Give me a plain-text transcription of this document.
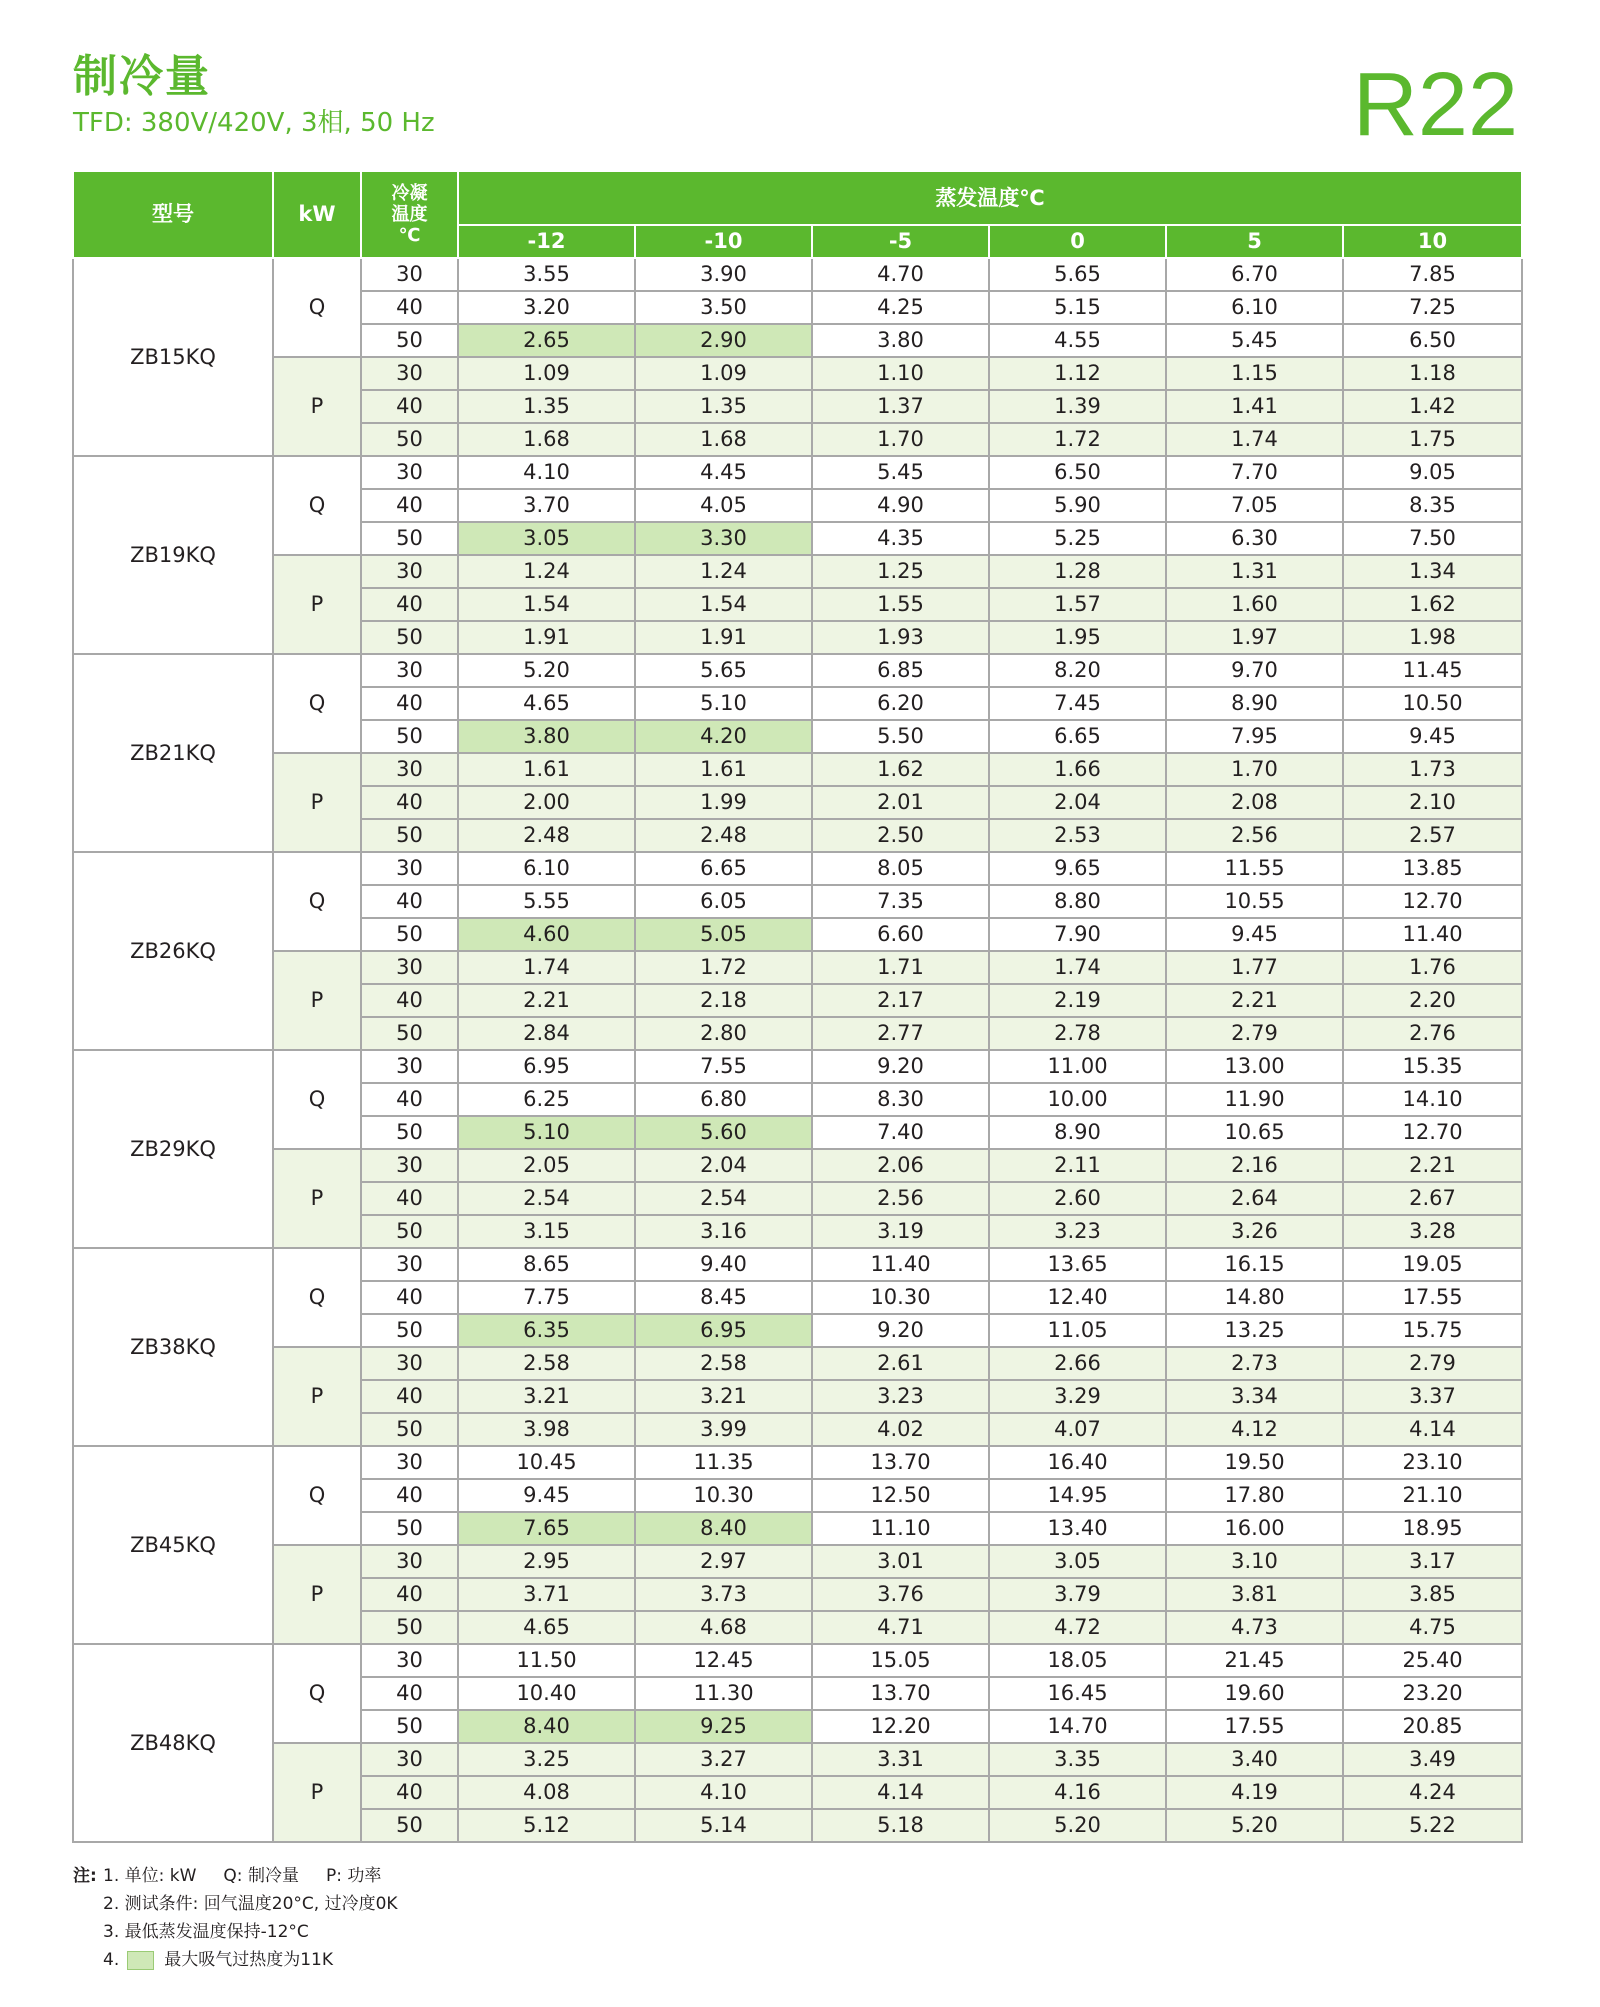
制冷量
TFD: 380V/420V, 3相, 50 Hz	R22
型号	kW	冷凝
温度
℃	蒸发温度℃					
			-12	-10	-5	0	5	10
ZB15KQ	Q	30	3.55	3.90	4.70	5.65	6.70	7.85
		40	3.20	3.50	4.25	5.15	6.10	7.25
		50	2.65	2.90	3.80	4.55	5.45	6.50
	P	30	1.09	1.09	1.10	1.12	1.15	1.18
		40	1.35	1.35	1.37	1.39	1.41	1.42
		50	1.68	1.68	1.70	1.72	1.74	1.75
ZB19KQ	Q	30	4.10	4.45	5.45	6.50	7.70	9.05
		40	3.70	4.05	4.90	5.90	7.05	8.35
		50	3.05	3.30	4.35	5.25	6.30	7.50
	P	30	1.24	1.24	1.25	1.28	1.31	1.34
		40	1.54	1.54	1.55	1.57	1.60	1.62
		50	1.91	1.91	1.93	1.95	1.97	1.98
ZB21KQ	Q	30	5.20	5.65	6.85	8.20	9.70	11.45
		40	4.65	5.10	6.20	7.45	8.90	10.50
		50	3.80	4.20	5.50	6.65	7.95	9.45
	P	30	1.61	1.61	1.62	1.66	1.70	1.73
		40	2.00	1.99	2.01	2.04	2.08	2.10
		50	2.48	2.48	2.50	2.53	2.56	2.57
ZB26KQ	Q	30	6.10	6.65	8.05	9.65	11.55	13.85
		40	5.55	6.05	7.35	8.80	10.55	12.70
		50	4.60	5.05	6.60	7.90	9.45	11.40
	P	30	1.74	1.72	1.71	1.74	1.77	1.76
		40	2.21	2.18	2.17	2.19	2.21	2.20
		50	2.84	2.80	2.77	2.78	2.79	2.76
ZB29KQ	Q	30	6.95	7.55	9.20	11.00	13.00	15.35
		40	6.25	6.80	8.30	10.00	11.90	14.10
		50	5.10	5.60	7.40	8.90	10.65	12.70
	P	30	2.05	2.04	2.06	2.11	2.16	2.21
		40	2.54	2.54	2.56	2.60	2.64	2.67
		50	3.15	3.16	3.19	3.23	3.26	3.28
ZB38KQ	Q	30	8.65	9.40	11.40	13.65	16.15	19.05
		40	7.75	8.45	10.30	12.40	14.80	17.55
		50	6.35	6.95	9.20	11.05	13.25	15.75
	P	30	2.58	2.58	2.61	2.66	2.73	2.79
		40	3.21	3.21	3.23	3.29	3.34	3.37
		50	3.98	3.99	4.02	4.07	4.12	4.14
ZB45KQ	Q	30	10.45	11.35	13.70	16.40	19.50	23.10
		40	9.45	10.30	12.50	14.95	17.80	21.10
		50	7.65	8.40	11.10	13.40	16.00	18.95
	P	30	2.95	2.97	3.01	3.05	3.10	3.17
		40	3.71	3.73	3.76	3.79	3.81	3.85
		50	4.65	4.68	4.71	4.72	4.73	4.75
ZB48KQ	Q	30	11.50	12.45	15.05	18.05	21.45	25.40
		40	10.40	11.30	13.70	16.45	19.60	23.20
		50	8.40	9.25	12.20	14.70	17.55	20.85
	P	30	3.25	3.27	3.31	3.35	3.40	3.49
		40	4.08	4.10	4.14	4.16	4.19	4.24
		50	5.12	5.14	5.18	5.20	5.20	5.22
注: 1. 单位: kW     Q: 制冷量     P: 功率
2. 测试条件: 回气温度20°C, 过冷度0K
3. 最低蒸发温度保持-12°C
4.	最大吸气过热度为11K
